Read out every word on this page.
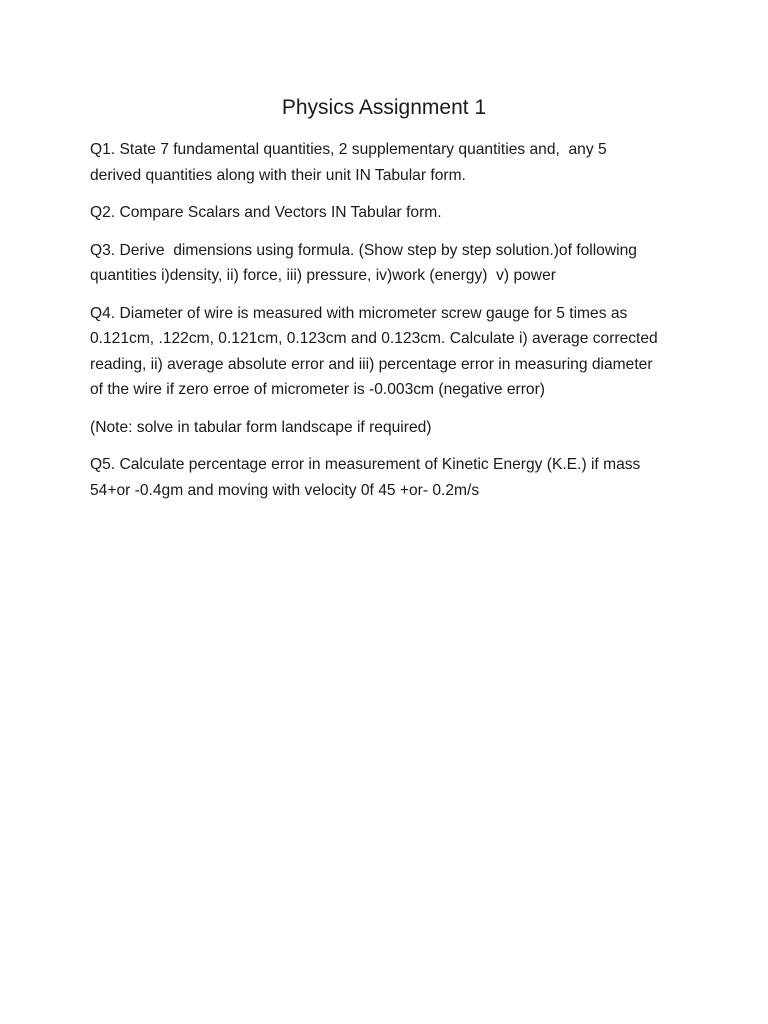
Physics Assignment 1

Q1. State 7 fundamental quantities, 2 supplementary quantities and,  any 5
derived quantities along with their unit IN Tabular form.

Q2. Compare Scalars and Vectors IN Tabular form.

Q3. Derive  dimensions using formula. (Show step by step solution.)of following
quantities i)density, ii) force, iii) pressure, iv)work (energy)  v) power

Q4. Diameter of wire is measured with micrometer screw gauge for 5 times as
0.121cm, .122cm, 0.121cm, 0.123cm and 0.123cm. Calculate i) average corrected
reading, ii) average absolute error and iii) percentage error in measuring diameter
of the wire if zero erroe of micrometer is -0.003cm (negative error)

(Note: solve in tabular form landscape if required)

Q5. Calculate percentage error in measurement of Kinetic Energy (K.E.) if mass
54+or -0.4gm and moving with velocity 0f 45 +or- 0.2m/s
